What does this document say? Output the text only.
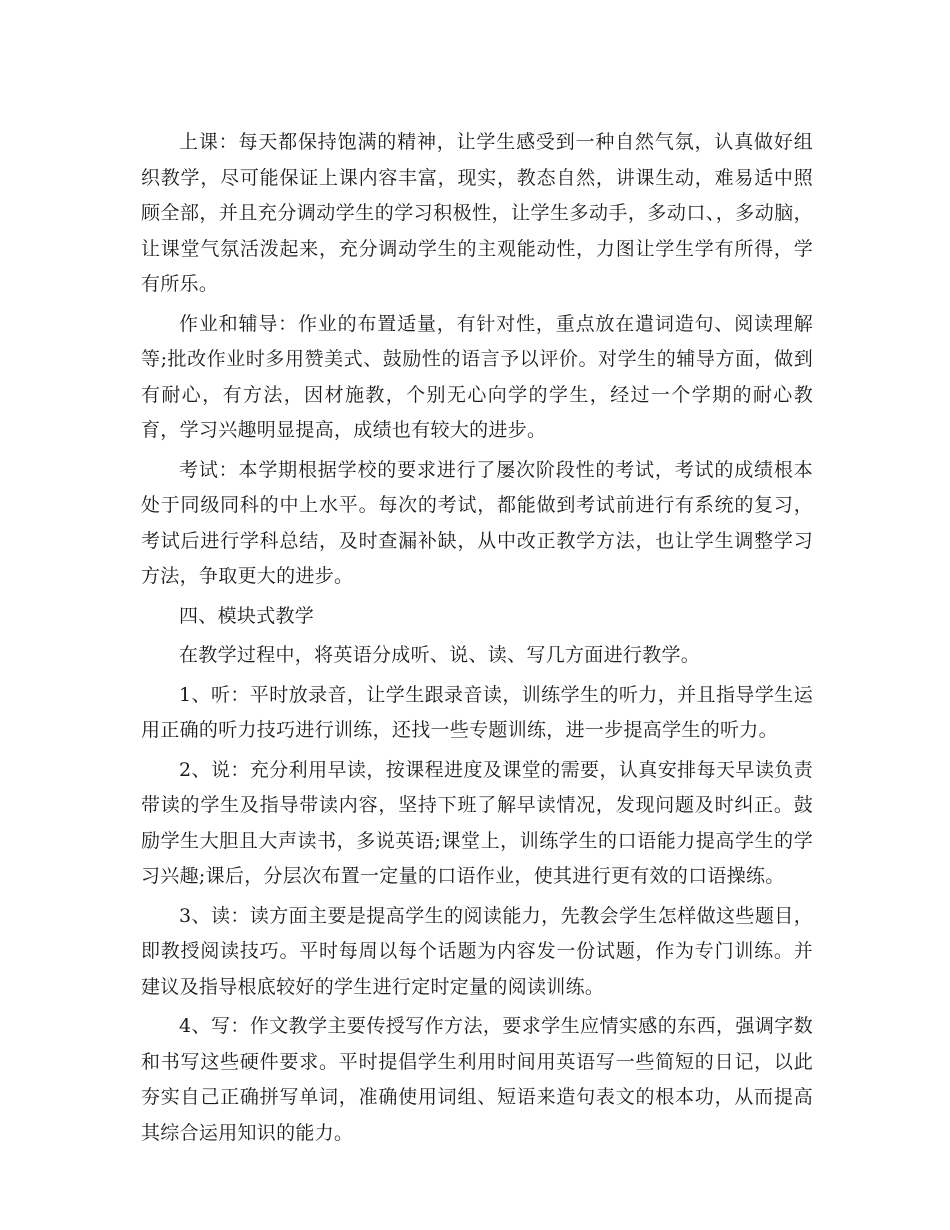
上课：每天都保持饱满的精神，让学生感受到一种自然气氛，认真做好组织教学，尽可能保证上课内容丰富，现实，教态自然，讲课生动，难易适中照顾全部，并且充分调动学生的学习积极性，让学生多动手，多动口、，多动脑，让课堂气氛活泼起来，充分调动学生的主观能动性，力图让学生学有所得，学有所乐。

作业和辅导：作业的布置适量，有针对性，重点放在遣词造句、阅读理解等;批改作业时多用赞美式、鼓励性的语言予以评价。对学生的辅导方面，做到有耐心，有方法，因材施教，个别无心向学的学生，经过一个学期的耐心教育，学习兴趣明显提高，成绩也有较大的进步。

考试：本学期根据学校的要求进行了屡次阶段性的考试，考试的成绩根本处于同级同科的中上水平。每次的考试，都能做到考试前进行有系统的复习，考试后进行学科总结，及时查漏补缺，从中改正教学方法，也让学生调整学习方法，争取更大的进步。

四、模块式教学

在教学过程中，将英语分成听、说、读、写几方面进行教学。

1、听：平时放录音，让学生跟录音读，训练学生的听力，并且指导学生运用正确的听力技巧进行训练，还找一些专题训练，进一步提高学生的听力。

2、说：充分利用早读，按课程进度及课堂的需要，认真安排每天早读负责带读的学生及指导带读内容，坚持下班了解早读情况，发现问题及时纠正。鼓励学生大胆且大声读书，多说英语;课堂上，训练学生的口语能力提高学生的学习兴趣;课后，分层次布置一定量的口语作业，使其进行更有效的口语操练。

3、读：读方面主要是提高学生的阅读能力，先教会学生怎样做这些题目，即教授阅读技巧。平时每周以每个话题为内容发一份试题，作为专门训练。并建议及指导根底较好的学生进行定时定量的阅读训练。

4、写：作文教学主要传授写作方法，要求学生应情实感的东西，强调字数和书写这些硬件要求。平时提倡学生利用时间用英语写一些简短的日记，以此夯实自己正确拼写单词，准确使用词组、短语来造句表文的根本功，从而提高其综合运用知识的能力。
